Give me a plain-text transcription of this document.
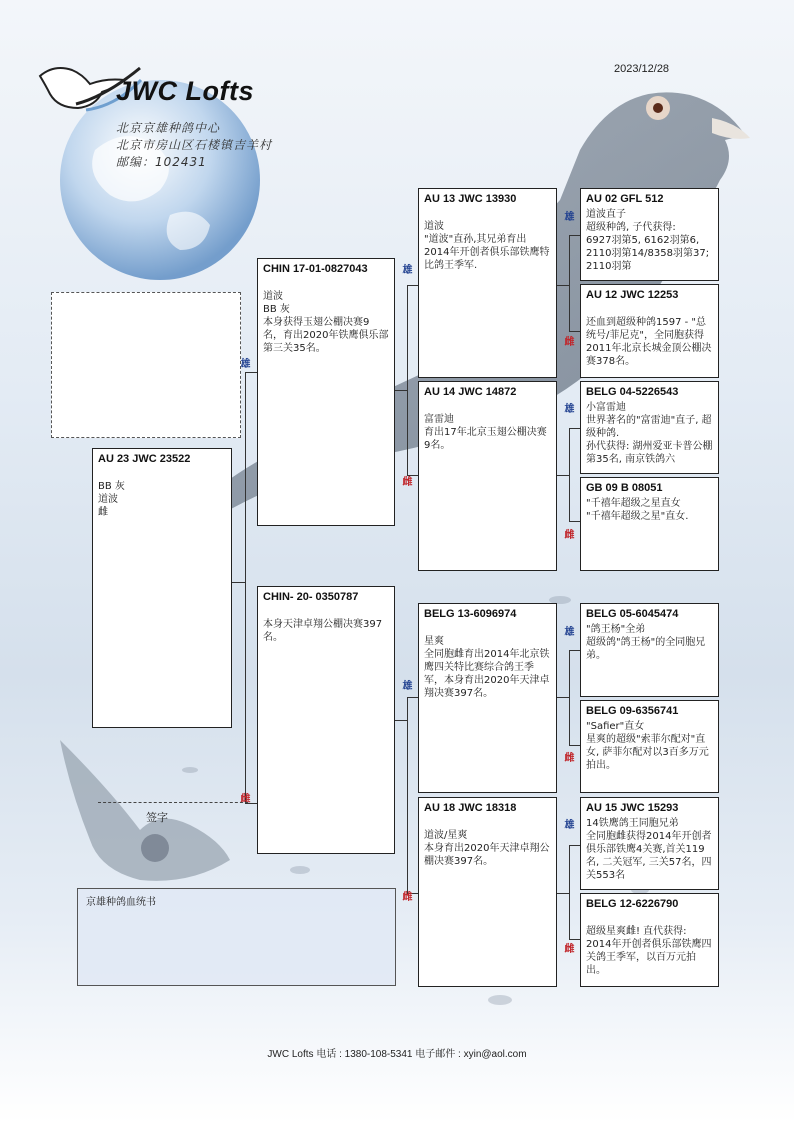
JWC Lofts
北京京雄种鸽中心
北京市房山区石楼镇吉羊村
邮编：102431
2023/12/28
AU 23 JWC 23522
BB 灰
道波
雌
CHIN 17-01-0827043
道波
BB 灰
本身获得玉翅公棚决赛9名，育出2020年铁鹰俱乐部第三关35名。
CHIN- 20- 0350787
本身天津卓翔公棚决赛397名。
AU 13 JWC 13930
道波
"道波"直孙,其兄弟育出2014年开创者俱乐部铁鹰特比鸽王季军.
AU 14 JWC 14872
富雷迪
育出17年北京玉翅公棚决赛9名。
BELG 13-6096974
星爽
全同胞雌育出2014年北京铁鹰四关特比赛综合鸽王季军，本身育出2020年天津卓翔决赛397名。
AU 18 JWC 18318
道波/星爽
本身育出2020年天津卓翔公棚决赛397名。
AU 02 GFL 512
道波直子
超级种鸽, 子代获得:
6927羽第5, 6162羽第6, 2110羽第14/8358羽第37; 2110羽第
AU 12 JWC 12253
还血到超级种鸽1597 - "总统号/菲尼克"，全同胞获得2011年北京长城金顶公棚决赛378名。
BELG 04-5226543
小富雷迪
世界著名的"富雷迪"直子, 超级种鸽.
孙代获得: 湖州爱亚卡普公棚第35名, 南京铁鸽六
GB 09 B 08051
"千禧年超级之星直女
"千禧年超级之星"直女.
BELG 05-6045474
"鸽王杨"全弟
超级鸽"鸽王杨"的全同胞兄弟。
BELG 09-6356741
"Safier"直女
星爽的超级"索菲尔配对"直女, 萨菲尔配对以3百多万元拍出。
AU 15 JWC 15293
14铁鹰鸽王同胞兄弟
全同胞雌获得2014年开创者俱乐部铁鹰4关赛,首关119名, 二关冠军, 三关57名，四关553名
BELG 12-6226790
超级星爽雌! 直代获得:
2014年开创者俱乐部铁鹰四关鸽王季军，以百万元拍出。
雄
雌
雄
雌
雄
雌
雄
雌
雄
雌
雄
雌
雄
雌
签字
京雄种鸽血统书
JWC Lofts 电话 : 1380-108-5341 电子邮件 : xyin@aol.com
